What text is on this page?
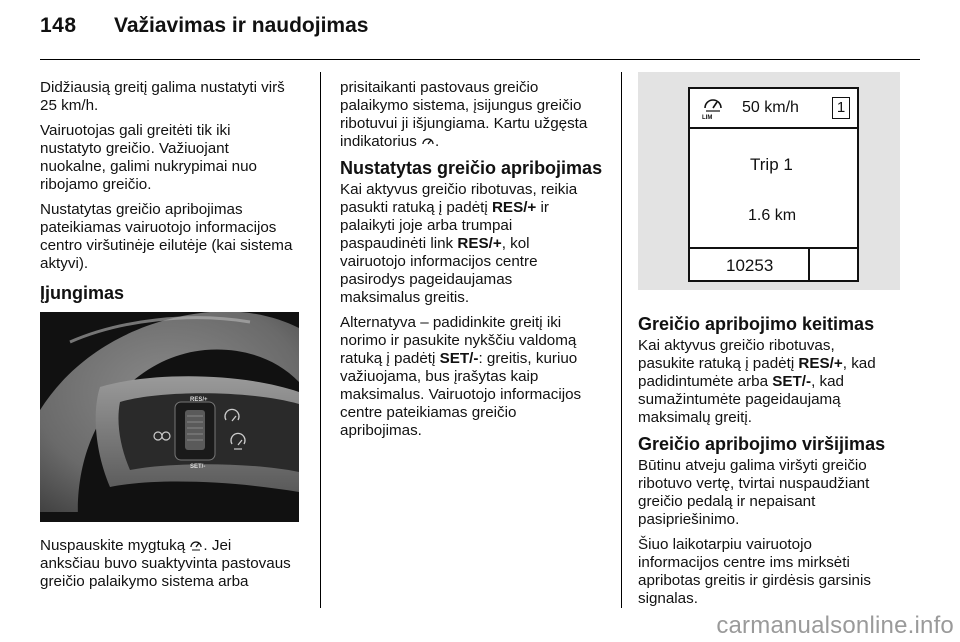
148 Važiavimas ir naudojimas

Didžiausią greitį galima nustatyti virš
25 km/h.

Vairuotojas gali greitėti tik iki
nustatyto greičio. Važiuojant
nuokalne, galimi nukrypimai nuo
ribojamo greičio.

Nustatytas greičio apribojimas
pateikiamas vairuotojo informacijos
centro viršutinėje eilutėje (kai sistema
aktyvi).

Įjungimas
RES/+
SET/-
Nuspauskite mygtuką
. Jei
anksčiau buvo suaktyvinta pastovaus
greičio palaikymo sistema arba

prisitaikanti pastovaus greičio
palaikymo sistema, įsijungus greičio
ribotuvui ji išjungiama. Kartu užgęsta
indikatorius
.

Nustatytas greičio apribojimas

Kai aktyvus greičio ribotuvas, reikia
pasukti ratuką į padėtį RES/+ ir
palaikyti joje arba trumpai
paspaudinėti link RES/+, kol
vairuotojo informacijos centre
pasirodys pageidaujamas
maksimalus greitis.

Alternatyva – padidinkite greitį iki
norimo ir pasukite nykščiu valdomą
ratuką į padėtį SET/-: greitis, kuriuo
važiuojama, bus įrašytas kaip
maksimalus. Vairuotojo informacijos
centre pateikiamas greičio
apribojimas.

LIM
50 km/h	1
Trip 1
1.6 km
10253
Greičio apribojimo keitimas

Kai aktyvus greičio ribotuvas,
pasukite ratuką į padėtį RES/+, kad
padidintumėte arba SET/-, kad
sumažintumėte pageidaujamą
maksimalų greitį.

Greičio apribojimo viršijimas

Būtinu atveju galima viršyti greičio
ribotuvo vertę, tvirtai nuspaudžiant
greičio pedalą ir nepaisant
pasipriešinimo.

Šiuo laikotarpiu vairuotojo
informacijos centre ims mirksėti
apribotas greitis ir girdėsis garsinis
signalas.

carmanualsonline.info
